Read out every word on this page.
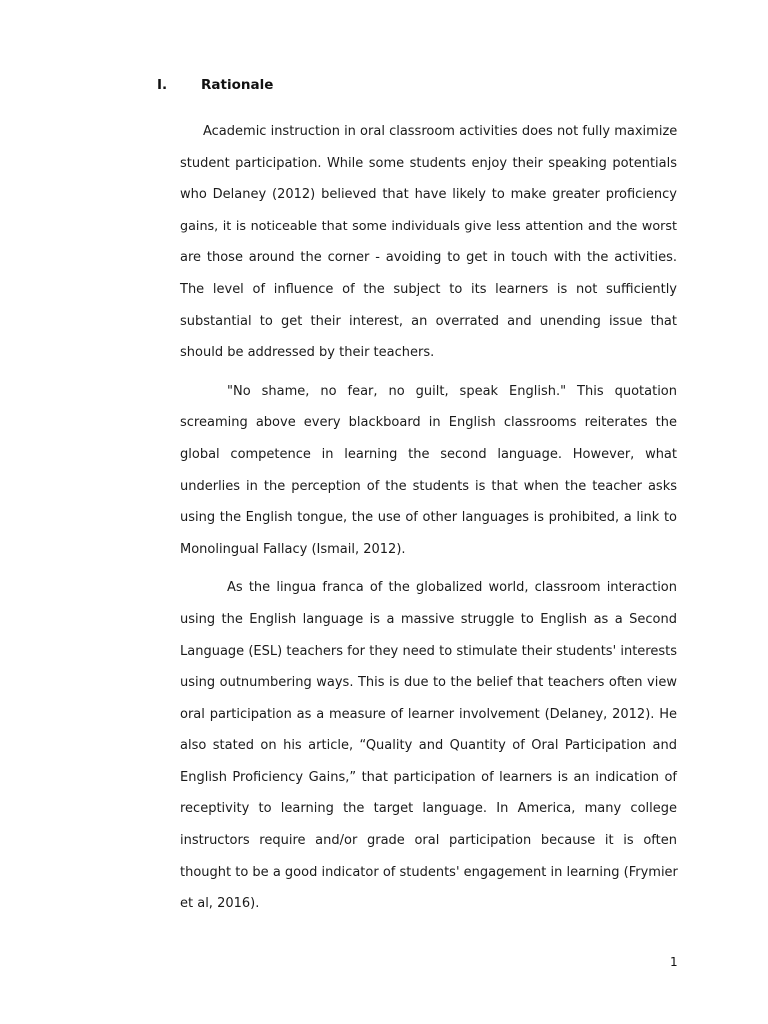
I.	Rationale
Academic instruction in oral classroom activities does not fully maximize
student participation. While some students enjoy their speaking potentials
who Delaney (2012) believed that have likely to make greater proficiency
gains, it is noticeable that some individuals give less attention and the worst
are those around the corner - avoiding to get in touch with the activities.
The level of influence of the subject to its learners is not sufficiently
substantial to get their interest, an overrated and unending issue that
should be addressed by their teachers.
"No shame, no fear, no guilt, speak English." This quotation
screaming above every blackboard in English classrooms reiterates the
global competence in learning the second language. However, what
underlies in the perception of the students is that when the teacher asks
using the English tongue, the use of other languages is prohibited, a link to
Monolingual Fallacy (Ismail, 2012).
As the lingua franca of the globalized world, classroom interaction
using the English language is a massive struggle to English as a Second
Language (ESL) teachers for they need to stimulate their students' interests
using outnumbering ways. This is due to the belief that teachers often view
oral participation as a measure of learner involvement (Delaney, 2012). He
also stated on his article, “Quality and Quantity of Oral Participation and
English Proficiency Gains,” that participation of learners is an indication of
receptivity to learning the target language. In America, many college
instructors require and/or grade oral participation because it is often
thought to be a good indicator of students' engagement in learning (Frymier
et al, 2016).
1
